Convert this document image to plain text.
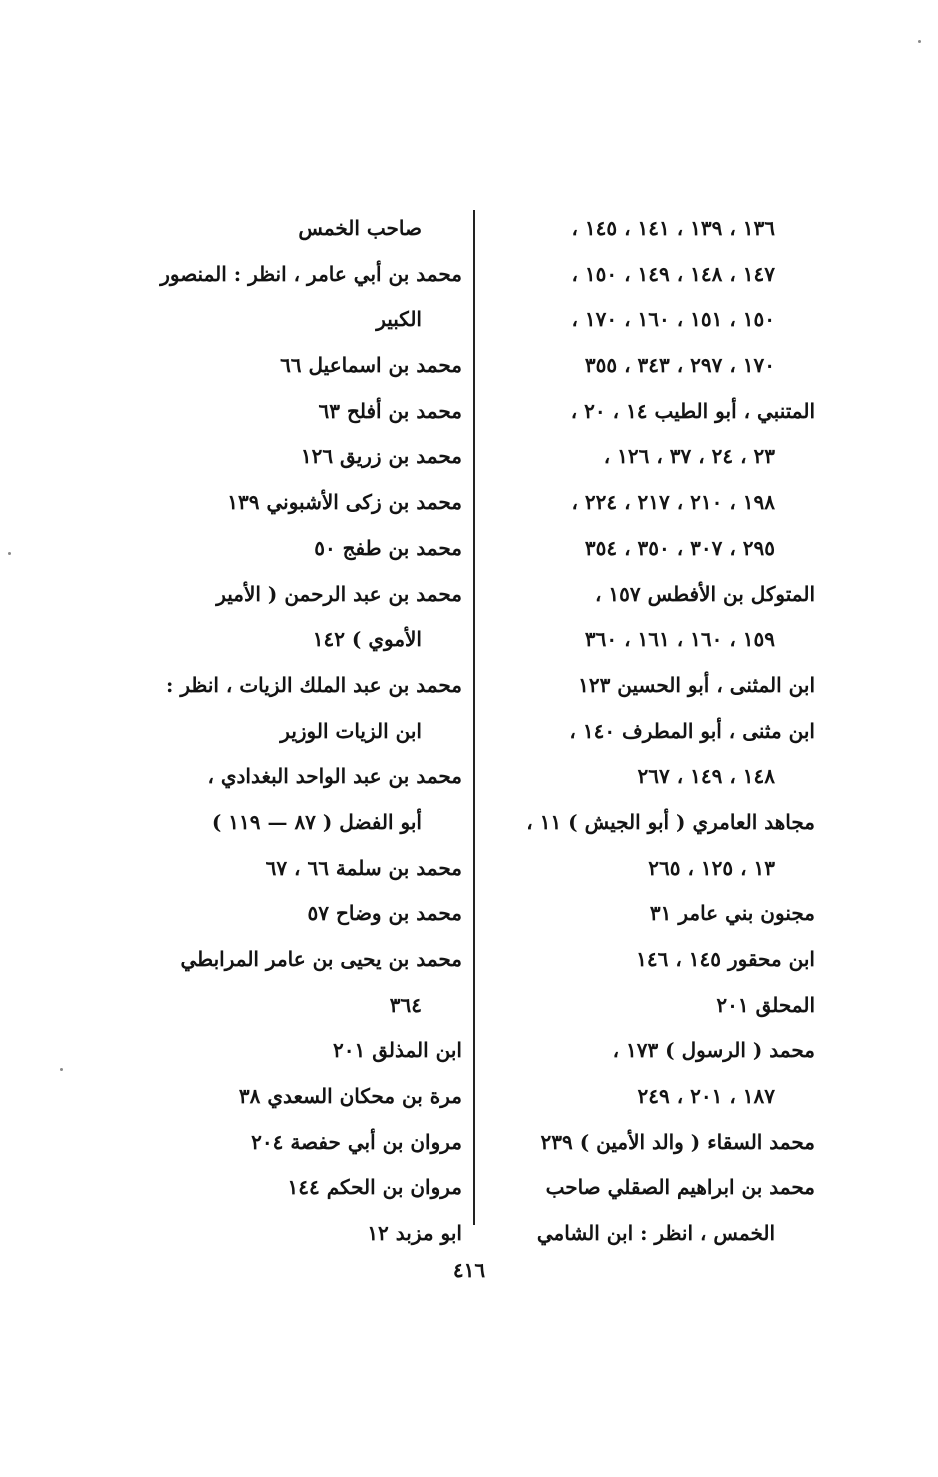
١٣٦ ، ١٣٩ ، ١٤١ ، ١٤٥ ،
١٤٧ ، ١٤٨ ، ١٤٩ ، ١٥٠ ،
١٥٠ ، ١٥١ ، ١٦٠ ، ١٧٠ ،
١٧٠ ، ٢٩٧ ، ٣٤٣ ، ٣٥٥
المتنبي ، أبو الطيب ١٤ ، ٢٠ ،
٢٣ ، ٢٤ ، ٣٧ ، ١٢٦ ،
١٩٨ ، ٢١٠ ، ٢١٧ ، ٢٢٤ ،
٢٩٥ ، ٣٠٧ ، ٣٥٠ ، ٣٥٤
المتوكل بن الأفطس ١٥٧ ،
١٥٩ ، ١٦٠ ، ١٦١ ، ٣٦٠
ابن المثنى ، أبو الحسين ١٢٣
ابن مثنى ، أبو المطرف ١٤٠ ،
١٤٨ ، ١٤٩ ، ٢٦٧
مجاهد العامري ( أبو الجيش ) ١١ ،
١٣ ، ١٢٥ ، ٢٦٥
مجنون بني عامر ٣١
ابن محقور ١٤٥ ، ١٤٦
المحلق ٢٠١
محمد ( الرسول ) ١٧٣ ،
١٨٧ ، ٢٠١ ، ٢٤٩
محمد السقاء ( والد الأمين ) ٢٣٩
محمد بن ابراهيم الصقلي صاحب
الخمس ، انظر : ابن الشامي
صاحب الخمس
محمد بن أبي عامر ، انظر : المنصور
الكبير
محمد بن اسماعيل ٦٦
محمد بن أفلح ٦٣
محمد بن زريق ١٢٦
محمد بن زكى الأشبوني ١٣٩
محمد بن طفج ٥٠
محمد بن عبد الرحمن ( الأمير
الأموي ) ١٤٢
محمد بن عبد الملك الزيات ، انظر :
ابن الزيات الوزير
محمد بن عبد الواحد البغدادي ،
أبو الفضل ( ٨٧ — ١١٩ )
محمد بن سلمة ٦٦ ، ٦٧
محمد بن وضاح ٥٧
محمد بن يحيى بن عامر المرابطي
٣٦٤
ابن المذلق ٢٠١
مرة بن محكان السعدي ٣٨
مروان بن أبي حفصة ٢٠٤
مروان بن الحكم ١٤٤
ابو مزبد ١٢
٤١٦
